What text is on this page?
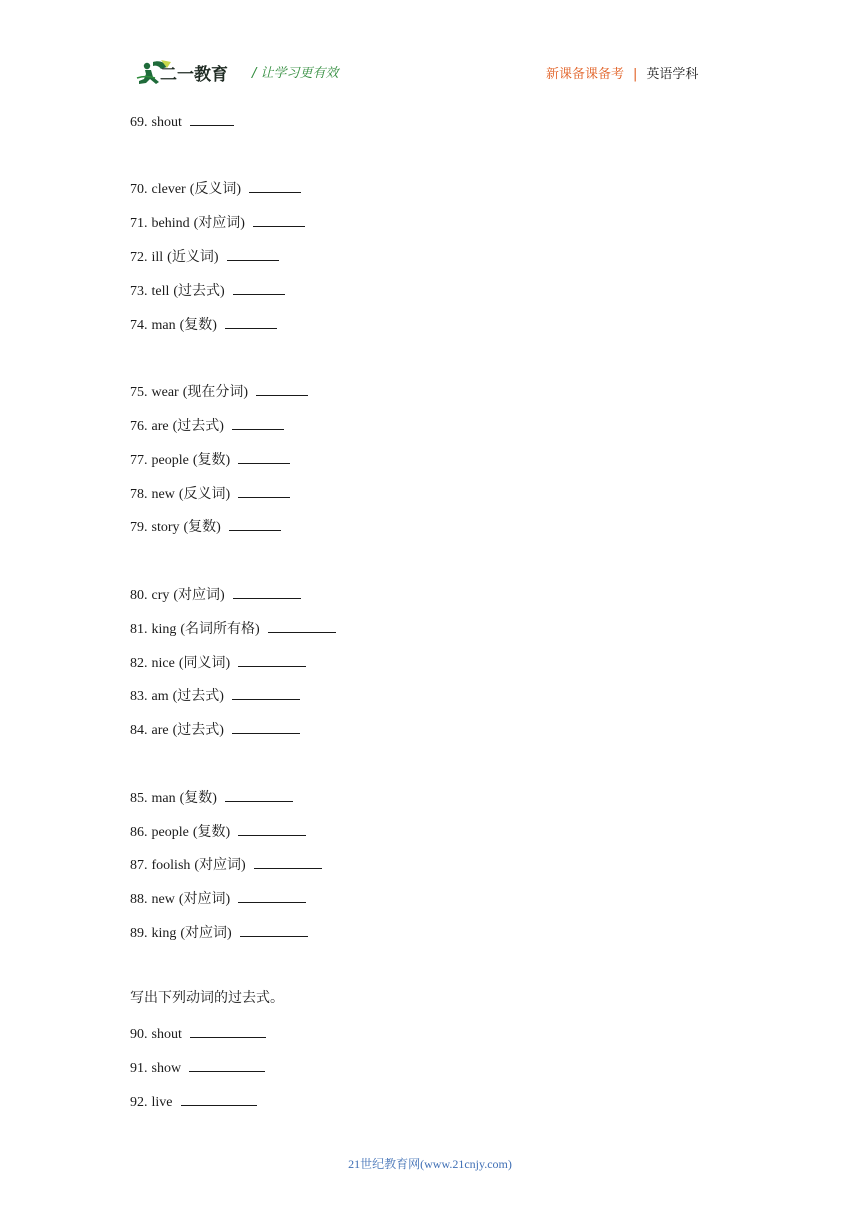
二一教育 / 让学习更有效	新课备课备考 | 英语学科
69. shout
70. clever (反义词)
71. behind (对应词)
72. ill (近义词)
73. tell (过去式)
74. man (复数)
75. wear (现在分词)
76. are (过去式)
77. people (复数)
78. new (反义词)
79. story (复数)
80. cry (对应词)
81. king (名词所有格)
82. nice (同义词)
83. am (过去式)
84. are (过去式)
85. man (复数)
86. people (复数)
87. foolish (对应词)
88. new (对应词)
89. king (对应词)
写出下列动词的过去式。
90. shout
91. show
92. live
21世纪教育网(www.21cnjy.com)
